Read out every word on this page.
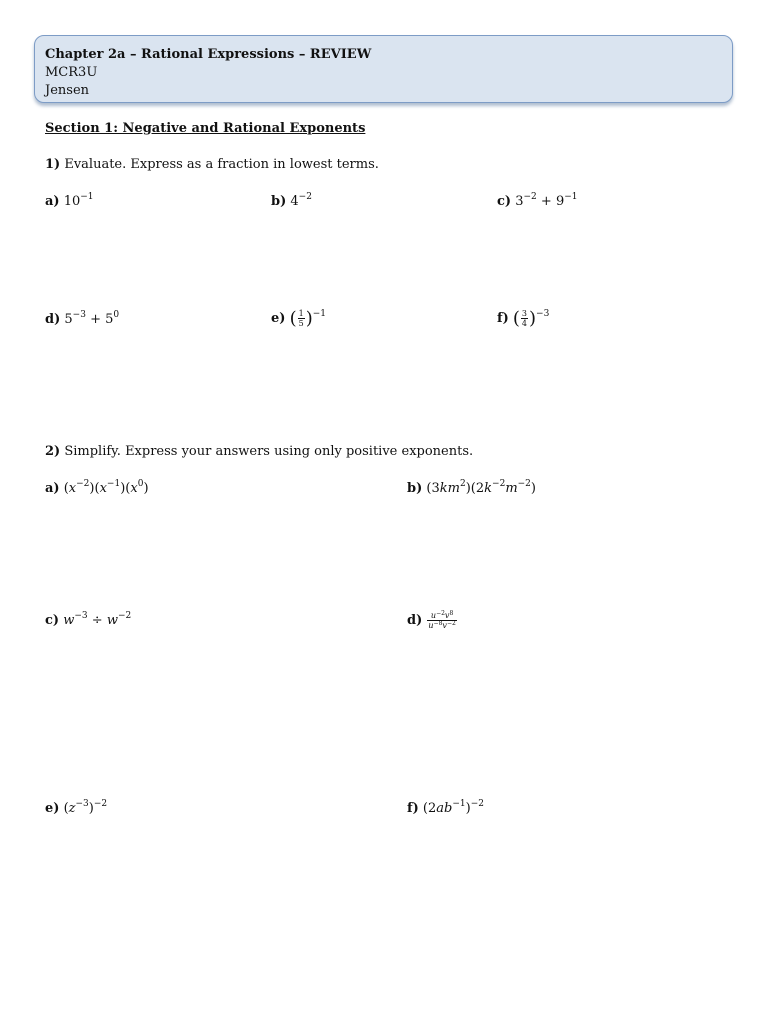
Chapter 2a – Rational Expressions – REVIEW
MCR3U
Jensen
Section 1: Negative and Rational Exponents
1) Evaluate. Express as a fraction in lowest terms.
a) $10^{-1}$	b) $4^{-2}$	c) $3^{-2} + 9^{-1}$
d) $5^{-3} + 5^0$	e) ( $\frac{1}{5} )^{-1}$	f) ( $\frac{3}{4} )^{-3}$
2) Simplify. Express your answers using only positive exponents.
a) $(x^{-2})(x^{-1})(x^0)$	b) $(3km^2)(2k^{-2}m^{-2})$
c) $w^{-3} \div w^{-2}$	$d) \frac{u^{-2}v^8}{u^{-8}v^{-2}}$
e) $(z^{-3})^{-2}$	f) $(2ab^{-1})^{-2}$
